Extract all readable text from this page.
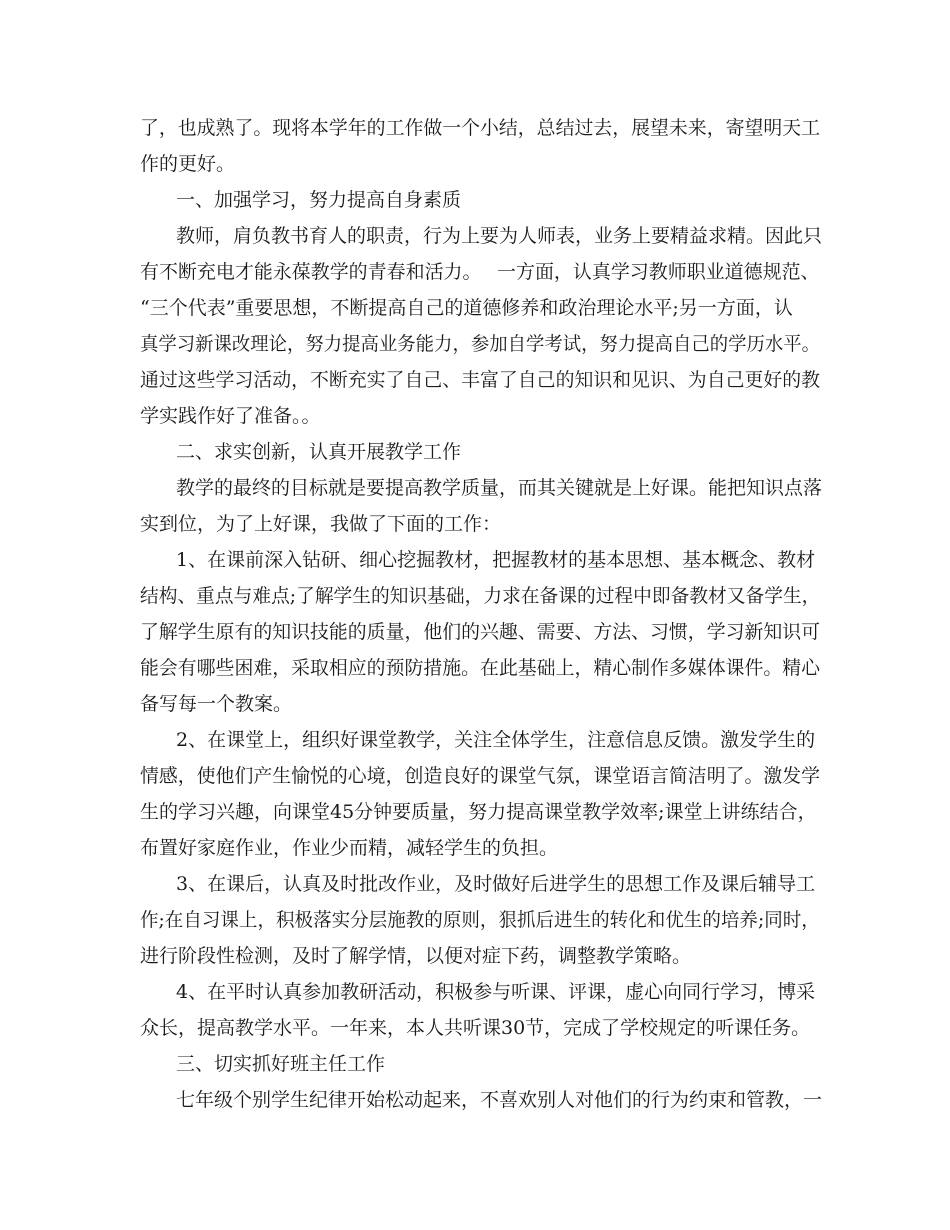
了，也成熟了。现将本学年的工作做一个小结，总结过去，展望未来，寄望明天工

作的更好。

一、加强学习，努力提高自身素质

教师，肩负教书育人的职责，行为上要为人师表，业务上要精益求精。因此只

有不断充电才能永葆教学的青春和活力。　 一方面，认真学习教师职业道德规范、

“三个代表”重要思想，不断提高自己的道德修养和政治理论水平;另一方面，认

真学习新课改理论，努力提高业务能力，参加自学考试，努力提高自己的学历水平。

通过这些学习活动，不断充实了自己、丰富了自己的知识和见识、为自己更好的教

学实践作好了准备。。

二、求实创新，认真开展教学工作

教学的最终的目标就是要提高教学质量，而其关键就是上好课。能把知识点落

实到位，为了上好课，我做了下面的工作：

1、在课前深入钻研、细心挖掘教材，把握教材的基本思想、基本概念、教材

结构、重点与难点;了解学生的知识基础，力求在备课的过程中即备教材又备学生，

了解学生原有的知识技能的质量，他们的兴趣、需要、方法、习惯，学习新知识可

能会有哪些困难，采取相应的预防措施。在此基础上，精心制作多媒体课件。精心

备写每一个教案。

2、在课堂上，组织好课堂教学，关注全体学生，注意信息反馈。激发学生的

情感，使他们产生愉悦的心境，创造良好的课堂气氛，课堂语言简洁明了。激发学

生的学习兴趣，向课堂45分钟要质量，努力提高课堂教学效率;课堂上讲练结合，

布置好家庭作业，作业少而精，减轻学生的负担。

3、在课后，认真及时批改作业，及时做好后进学生的思想工作及课后辅导工

作;在自习课上，积极落实分层施教的原则，狠抓后进生的转化和优生的培养;同时，

进行阶段性检测，及时了解学情，以便对症下药，调整教学策略。

4、在平时认真参加教研活动，积极参与听课、评课，虚心向同行学习，博采

众长，提高教学水平。一年来，本人共听课30节，完成了学校规定的听课任务。

三、切实抓好班主任工作

七年级个别学生纪律开始松动起来，不喜欢别人对他们的行为约束和管教，一
